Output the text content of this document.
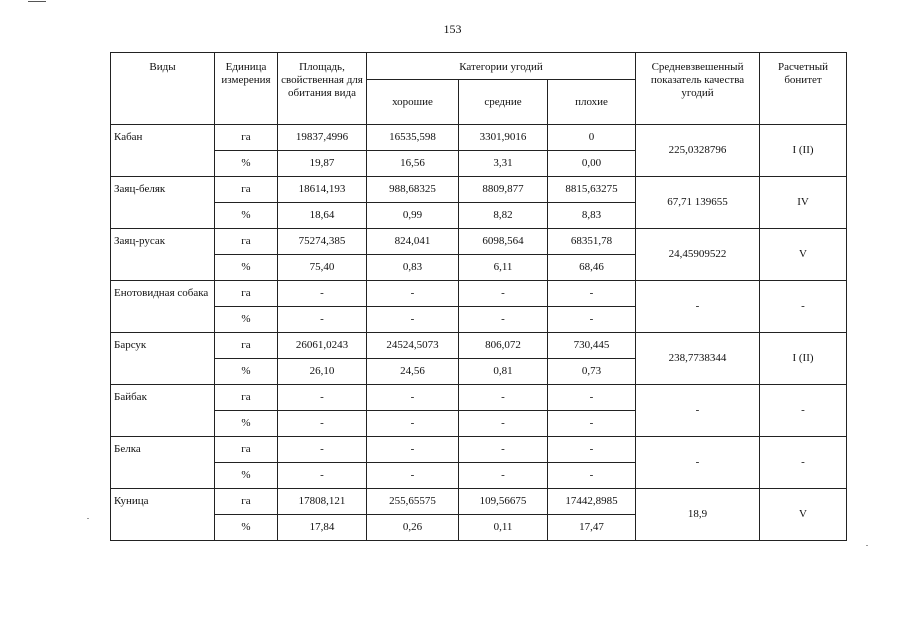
153
Виды	Единица измерения	Площадь, свойственная для обитания вида	Категории угодий			Средневзвешенный показатель качества угодий	Расчетный бонитет
			хорошие	средние	плохие		
Кабан	га	19837,4996	16535,598	3301,9016	0	225,0328796	I (II)
	%	19,87	16,56	3,31	0,00		
Заяц-беляк	га	18614,193	988,68325	8809,877	8815,63275	67,71 139655	IV
	%	18,64	0,99	8,82	8,83		
Заяц-русак	га	75274,385	824,041	6098,564	68351,78	24,45909522	V
	%	75,40	0,83	6,11	68,46		
Енотовидная собака	га	-	-	-	-	-	-
	%	-	-	-	-		
Барсук	га	26061,0243	24524,5073	806,072	730,445	238,7738344	I (II)
	%	26,10	24,56	0,81	0,73		
Байбак	га	-	-	-	-	-	-
	%	-	-	-	-		
Белка	га	-	-	-	-	-	-
	%	-	-	-	-		
Куница	га	17808,121	255,65575	109,56675	17442,8985	18,9	V
	%	17,84	0,26	0,11	17,47		
